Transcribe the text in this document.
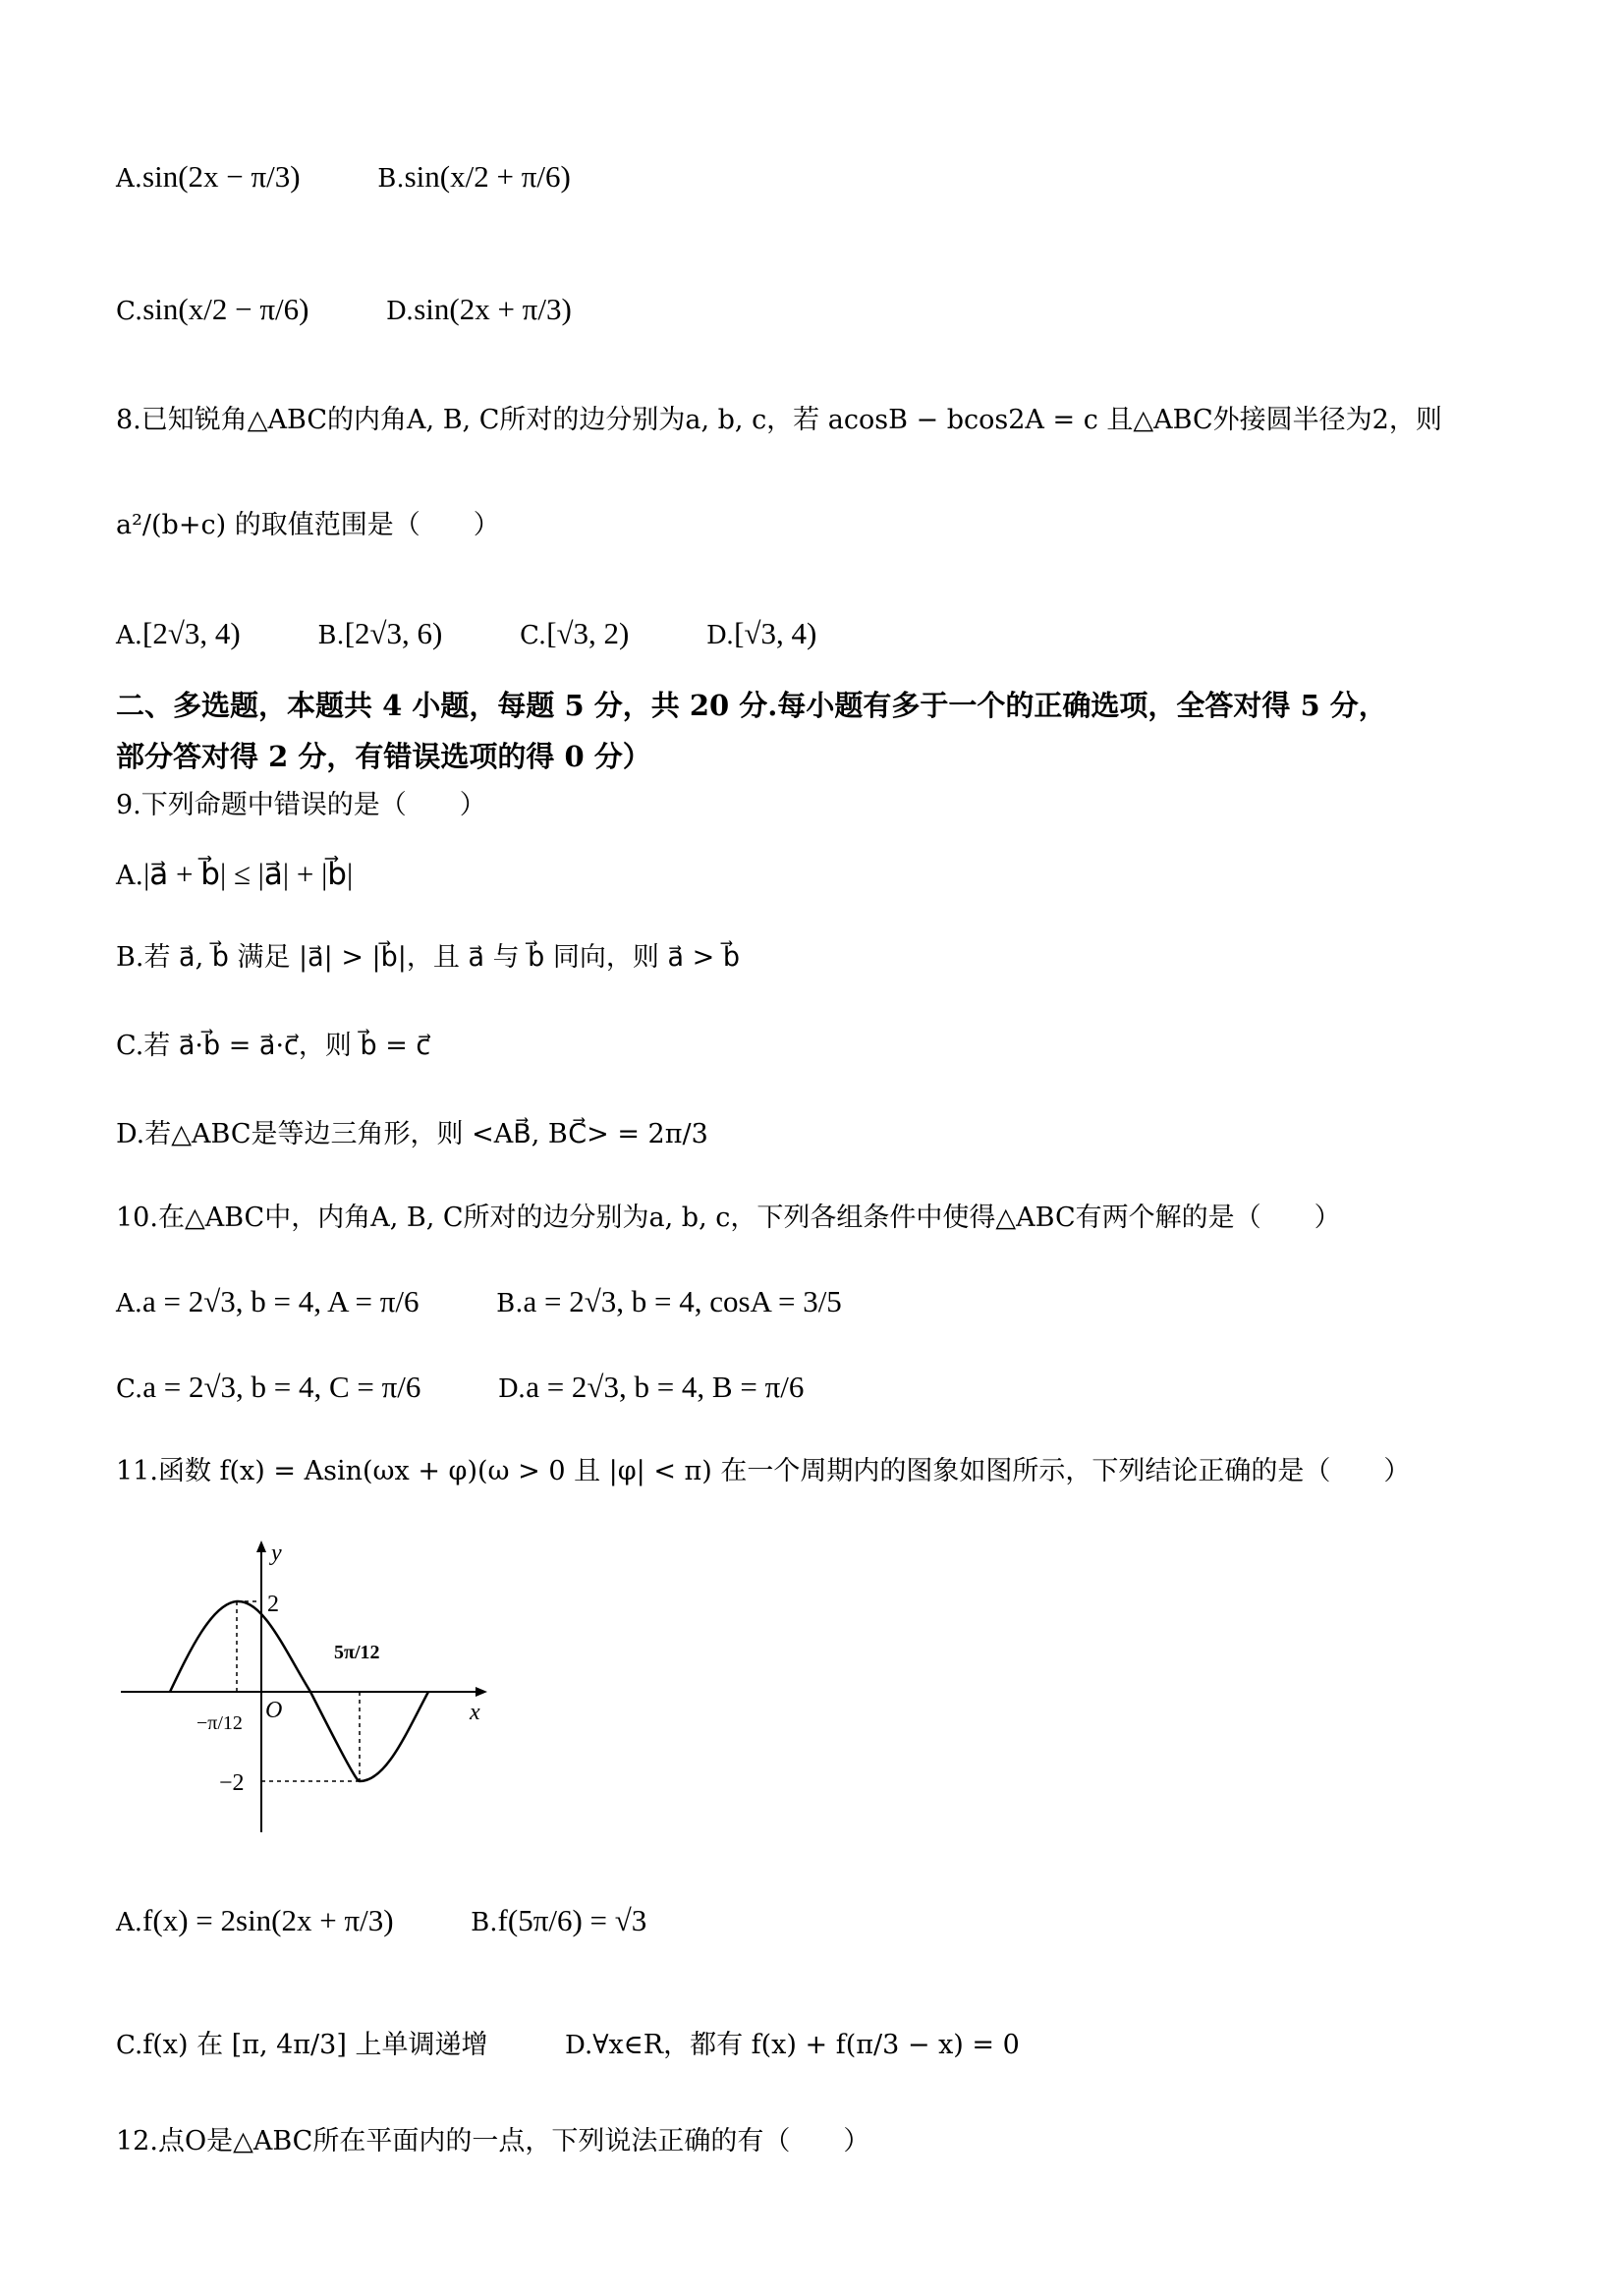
A.sin(2x − π/3)	B.sin(x/2 + π/6)
C.sin(x/2 − π/6)	D.sin(2x + π/3)
8.已知锐角△ABC的内角A, B, C所对的边分别为a, b, c，若 acosB − bcos2A = c 且△ABC外接圆半径为2，则
a²/(b+c) 的取值范围是（　　）
A.[2√3, 4)	B.[2√3, 6)	C.[√3, 2)	D.[√3, 4)
二、多选题，本题共 4 小题，每题 5 分，共 20 分.每小题有多于一个的正确选项，全答对得 5 分，
部分答对得 2 分，有错误选项的得 0 分）
9.下列命题中错误的是（　　）
A.|a⃗ + b⃗| ≤ |a⃗| + |b⃗|
B.若 a⃗, b⃗ 满足 |a⃗| > |b⃗|，且 a⃗ 与 b⃗ 同向，则 a⃗ > b⃗
C.若 a⃗·b⃗ = a⃗·c⃗，则 b⃗ = c⃗
D.若△ABC是等边三角形，则 <AB⃗, BC⃗> = 2π/3
10.在△ABC中，内角A, B, C所对的边分别为a, b, c，下列各组条件中使得△ABC有两个解的是（　　）
A.a = 2√3, b = 4, A = π/6	B.a = 2√3, b = 4, cosA = 3/5
C.a = 2√3, b = 4, C = π/6	D.a = 2√3, b = 4, B = π/6
11.函数 f(x) = Asin(ωx + φ)(ω > 0 且 |φ| < π) 在一个周期内的图象如图所示，下列结论正确的是（　　）
y
x
O
2
−2
−π/12
5π/12
A.f(x) = 2sin(2x + π/3)	B.f(5π/6) = √3
C.f(x) 在 [π, 4π/3] 上单调递增	D.∀x∈R，都有 f(x) + f(π/3 − x) = 0
12.点O是△ABC所在平面内的一点，下列说法正确的有（　　）
